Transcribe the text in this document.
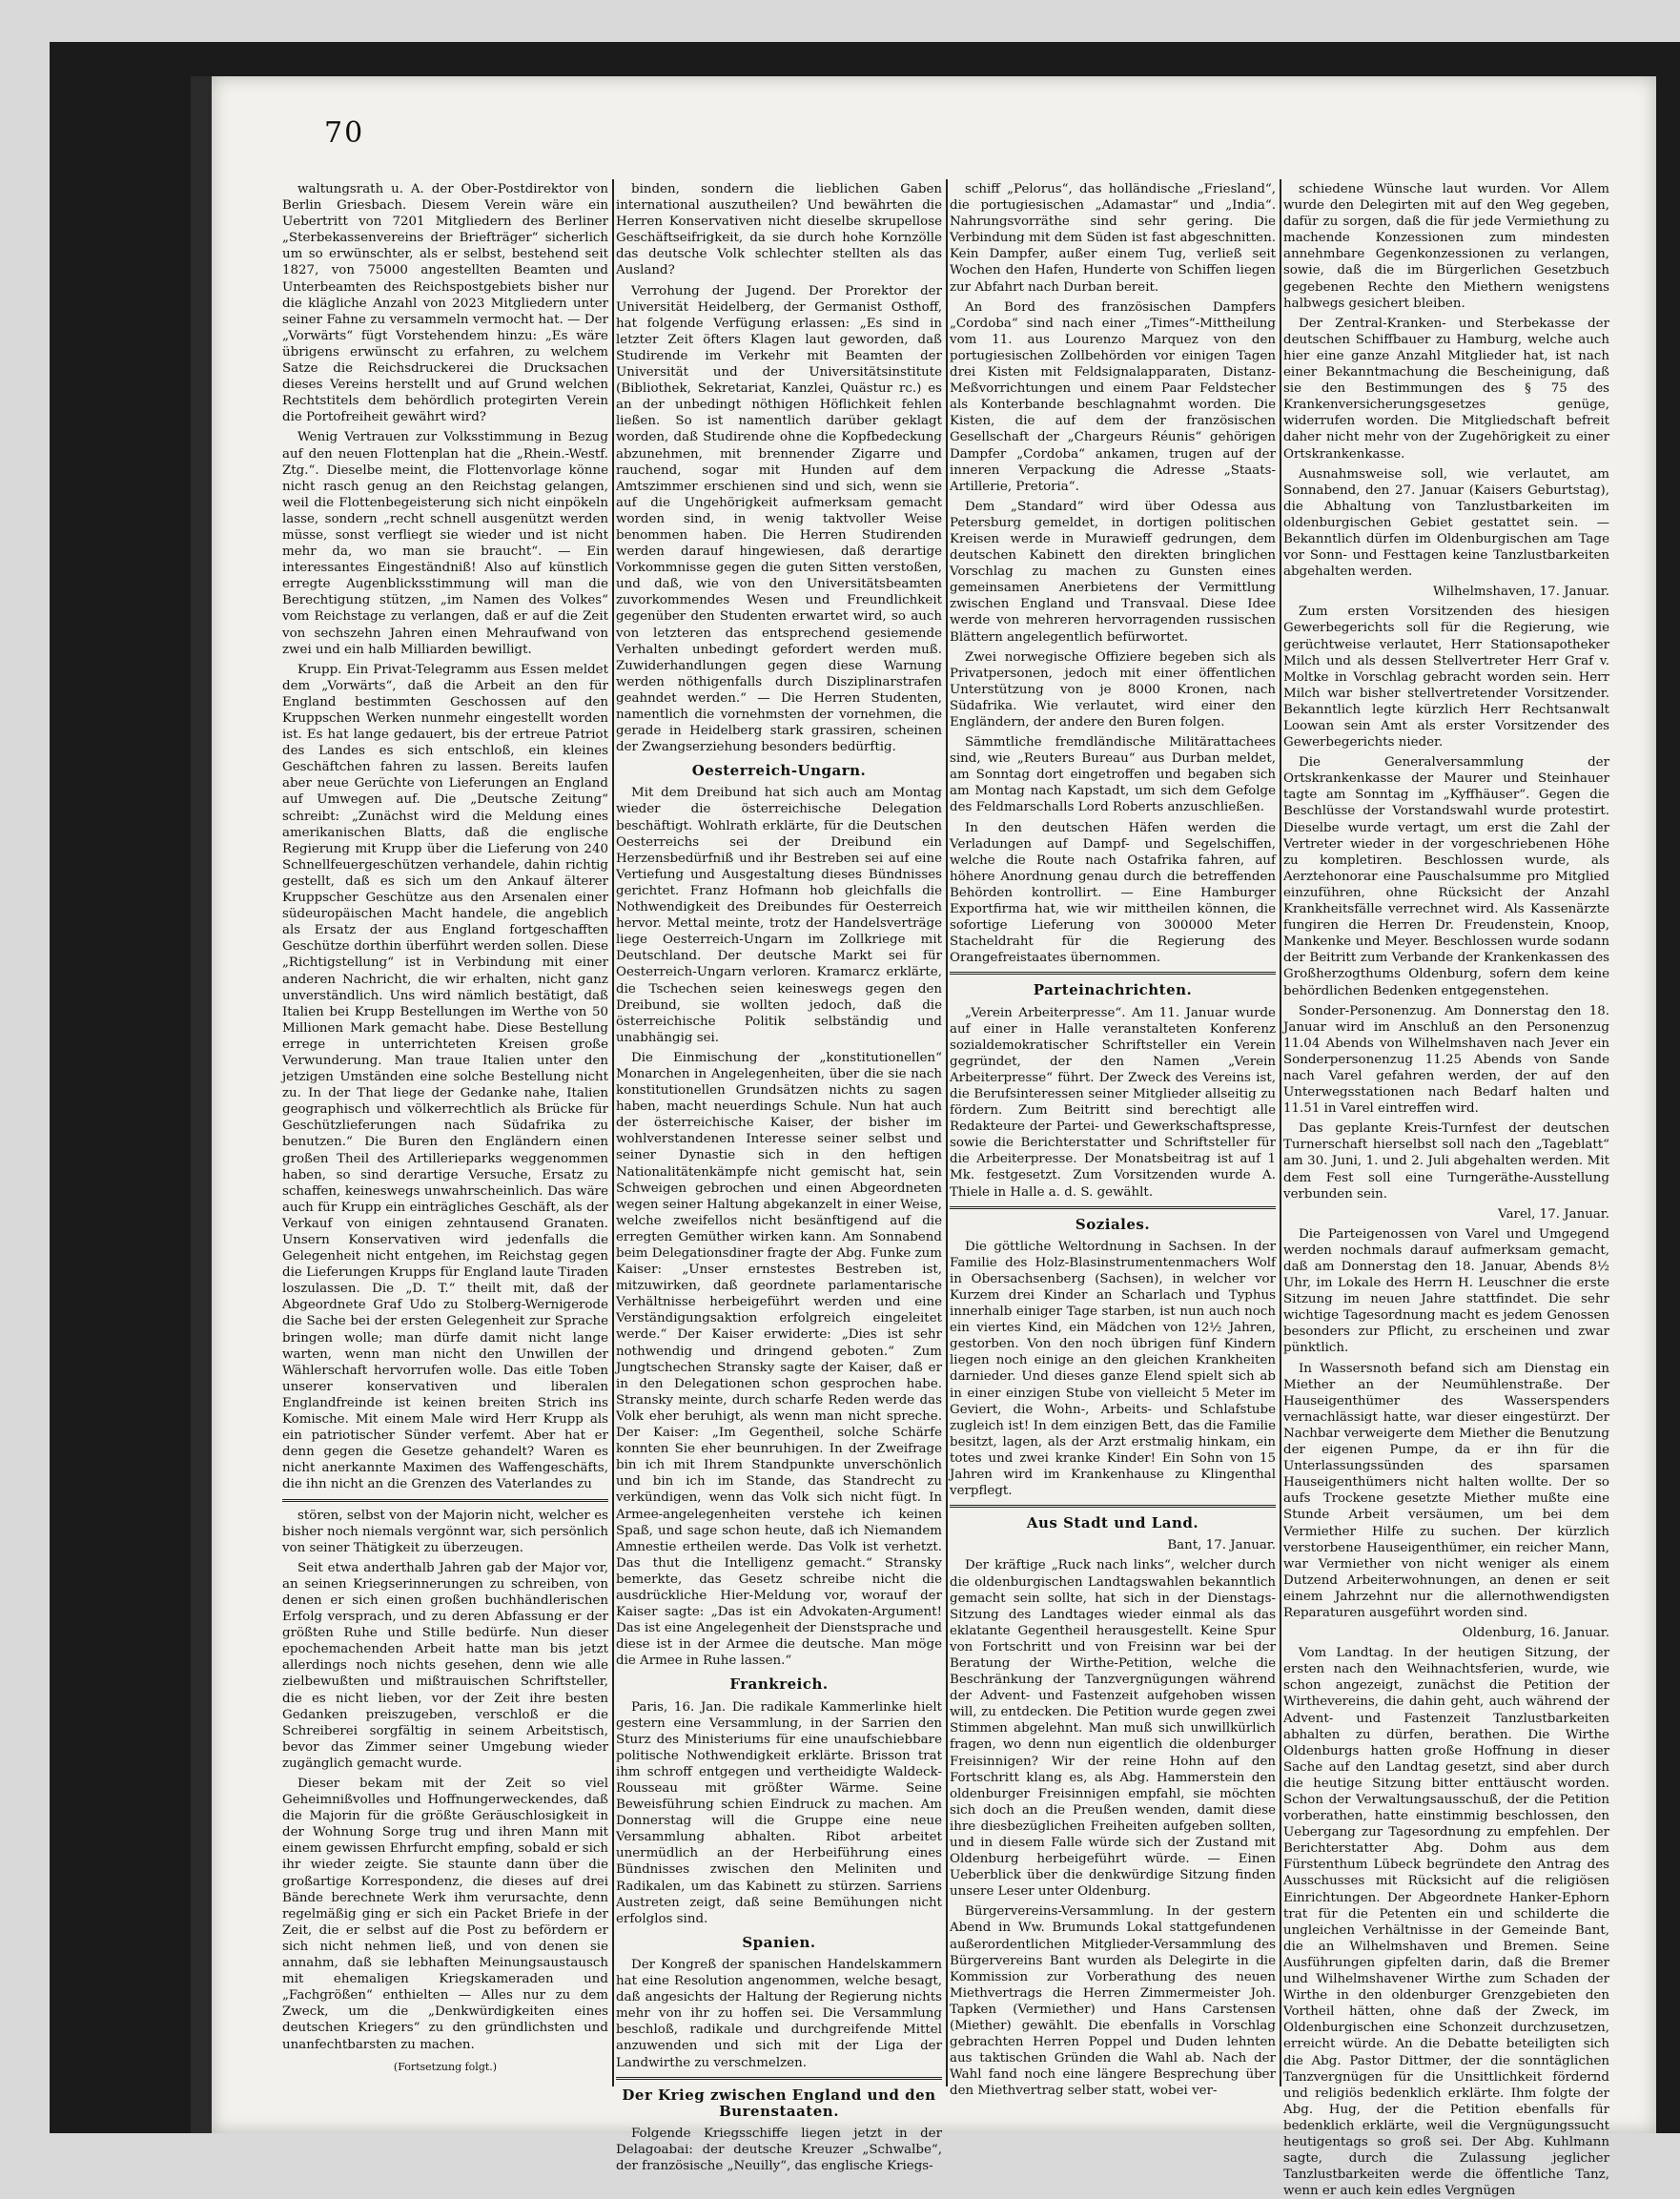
70

waltungsrath u. A. der Ober-Postdirektor von Berlin Griesbach. Diesem Verein wäre ein Uebertritt von 7201 Mitgliedern des Berliner „Sterbekassenvereins der Briefträger“ sicherlich um so erwünschter, als er selbst, bestehend seit 1827, von 75000 angestellten Beamten und Unterbeamten des Reichspostgebiets bisher nur die klägliche Anzahl von 2023 Mitgliedern unter seiner Fahne zu versammeln vermocht hat. — Der „Vorwärts“ fügt Vorstehendem hinzu: „Es wäre übrigens erwünscht zu erfahren, zu welchem Satze die Reichsdruckerei die Drucksachen dieses Vereins herstellt und auf Grund welchen Rechtstitels dem behördlich protegirten Verein die Portofreiheit gewährt wird?

Wenig Vertrauen zur Volksstimmung in Bezug auf den neuen Flottenplan hat die „Rhein.-Westf. Ztg.“. Dieselbe meint, die Flottenvorlage könne nicht rasch genug an den Reichstag gelangen, weil die Flottenbegeisterung sich nicht einpökeln lasse, sondern „recht schnell ausgenützt werden müsse, sonst verfliegt sie wieder und ist nicht mehr da, wo man sie braucht“. — Ein interessantes Eingeständniß! Also auf künstlich erregte Augenblicksstimmung will man die Berechtigung stützen, „im Namen des Volkes“ vom Reichstage zu verlangen, daß er auf die Zeit von sechszehn Jahren einen Mehraufwand von zwei und ein halb Milliarden bewilligt.

Krupp. Ein Privat-Telegramm aus Essen meldet dem „Vorwärts“, daß die Arbeit an den für England bestimmten Geschossen auf den Kruppschen Werken nunmehr eingestellt worden ist. Es hat lange gedauert, bis der ertreue Patriot des Landes es sich entschloß, ein kleines Geschäftchen fahren zu lassen. Bereits laufen aber neue Gerüchte von Lieferungen an England auf Umwegen auf. Die „Deutsche Zeitung“ schreibt: „Zunächst wird die Meldung eines amerikanischen Blatts, daß die englische Regierung mit Krupp über die Lieferung von 240 Schnellfeuergeschützen verhandele, dahin richtig gestellt, daß es sich um den Ankauf älterer Kruppscher Geschütze aus den Arsenalen einer südeuropäischen Macht handele, die angeblich als Ersatz der aus England fortgeschafften Geschütze dorthin überführt werden sollen. Diese „Richtigstellung“ ist in Verbindung mit einer anderen Nachricht, die wir erhalten, nicht ganz unverständlich. Uns wird nämlich bestätigt, daß Italien bei Krupp Bestellungen im Werthe von 50 Millionen Mark gemacht habe. Diese Bestellung errege in unterrichteten Kreisen große Verwunderung. Man traue Italien unter den jetzigen Umständen eine solche Bestellung nicht zu. In der That liege der Gedanke nahe, Italien geographisch und völkerrechtlich als Brücke für Geschützlieferungen nach Südafrika zu benutzen.“ Die Buren den Engländern einen großen Theil des Artillerieparks weggenommen haben, so sind derartige Versuche, Ersatz zu schaffen, keineswegs unwahrscheinlich. Das wäre auch für Krupp ein einträgliches Geschäft, als der Verkauf von einigen zehntausend Granaten. Unsern Konservativen wird jedenfalls die Gelegenheit nicht entgehen, im Reichstag gegen die Lieferungen Krupps für England laute Tiraden loszulassen. Die „D. T.“ theilt mit, daß der Abgeordnete Graf Udo zu Stolberg-Wernigerode die Sache bei der ersten Gelegenheit zur Sprache bringen wolle; man dürfe damit nicht lange warten, wenn man nicht den Unwillen der Wählerschaft hervorrufen wolle. Das eitle Toben unserer konservativen und liberalen Englandfreinde ist keinen breiten Strich ins Komische. Mit einem Male wird Herr Krupp als ein patriotischer Sünder verfemt. Aber hat er denn gegen die Gesetze gehandelt? Waren es nicht anerkannte Maximen des Waffengeschäfts, die ihn nicht an die Grenzen des Vaterlandes zu

stören, selbst von der Majorin nicht, welcher es bisher noch niemals vergönnt war, sich persönlich von seiner Thätigkeit zu überzeugen.

Seit etwa anderthalb Jahren gab der Major vor, an seinen Kriegserinnerungen zu schreiben, von denen er sich einen großen buchhändlerischen Erfolg versprach, und zu deren Abfassung er der größten Ruhe und Stille bedürfe. Nun dieser epochemachenden Arbeit hatte man bis jetzt allerdings noch nichts gesehen, denn wie alle zielbewußten und mißtrauischen Schriftsteller, die es nicht lieben, vor der Zeit ihre besten Gedanken preiszugeben, verschloß er die Schreiberei sorgfältig in seinem Arbeitstisch, bevor das Zimmer seiner Umgebung wieder zugänglich gemacht wurde.

Dieser bekam mit der Zeit so viel Geheimnißvolles und Hoffnungerweckendes, daß die Majorin für die größte Geräuschlosigkeit in der Wohnung Sorge trug und ihren Mann mit einem gewissen Ehrfurcht empfing, sobald er sich ihr wieder zeigte. Sie staunte dann über die großartige Korrespondenz, die dieses auf drei Bände berechnete Werk ihm verursachte, denn regelmäßig ging er sich ein Packet Briefe in der Zeit, die er selbst auf die Post zu befördern er sich nicht nehmen ließ, und von denen sie annahm, daß sie lebhaften Meinungsaustausch mit ehemaligen Kriegskameraden und „Fachgrößen“ enthielten — Alles nur zu dem Zweck, um die „Denkwürdigkeiten eines deutschen Kriegers“ zu den gründlichsten und unanfechtbarsten zu machen.

(Fortsetzung folgt.)

binden, sondern die lieblichen Gaben international auszutheilen? Und bewährten die Herren Konservativen nicht dieselbe skrupellose Geschäftseifrigkeit, da sie durch hohe Kornzölle das deutsche Volk schlechter stellten als das Ausland?

Verrohung der Jugend. Der Prorektor der Universität Heidelberg, der Germanist Osthoff, hat folgende Verfügung erlassen: „Es sind in letzter Zeit öfters Klagen laut geworden, daß Studirende im Verkehr mit Beamten der Universität und der Universitätsinstitute (Bibliothek, Sekretariat, Kanzlei, Quästur rc.) es an der unbedingt nöthigen Höflichkeit fehlen ließen. So ist namentlich darüber geklagt worden, daß Studirende ohne die Kopfbedeckung abzunehmen, mit brennender Zigarre und rauchend, sogar mit Hunden auf dem Amtszimmer erschienen sind und sich, wenn sie auf die Ungehörigkeit aufmerksam gemacht worden sind, in wenig taktvoller Weise benommen haben. Die Herren Studirenden werden darauf hingewiesen, daß derartige Vorkommnisse gegen die guten Sitten verstoßen, und daß, wie von den Universitätsbeamten zuvorkommendes Wesen und Freundlichkeit gegenüber den Studenten erwartet wird, so auch von letzteren das entsprechend gesiemende Verhalten unbedingt gefordert werden muß. Zuwiderhandlungen gegen diese Warnung werden nöthigenfalls durch Disziplinarstrafen geahndet werden.“ — Die Herren Studenten, namentlich die vornehmsten der vornehmen, die gerade in Heidelberg stark grassiren, scheinen der Zwangserziehung besonders bedürftig.

Oesterreich-Ungarn.

Mit dem Dreibund hat sich auch am Montag wieder die österreichische Delegation beschäftigt. Wohlrath erklärte, für die Deutschen Oesterreichs sei der Dreibund ein Herzensbedürfniß und ihr Bestreben sei auf eine Vertiefung und Ausgestaltung dieses Bündnisses gerichtet. Franz Hofmann hob gleichfalls die Nothwendigkeit des Dreibundes für Oesterreich hervor. Mettal meinte, trotz der Handelsverträge liege Oesterreich-Ungarn im Zollkriege mit Deutschland. Der deutsche Markt sei für Oesterreich-Ungarn verloren. Kramarcz erklärte, die Tschechen seien keineswegs gegen den Dreibund, sie wollten jedoch, daß die österreichische Politik selbständig und unabhängig sei.

Die Einmischung der „konstitutionellen“ Monarchen in Angelegenheiten, über die sie nach konstitutionellen Grundsätzen nichts zu sagen haben, macht neuerdings Schule. Nun hat auch der österreichische Kaiser, der bisher im wohlverstandenen Interesse seiner selbst und seiner Dynastie sich in den heftigen Nationalitätenkämpfe nicht gemischt hat, sein Schweigen gebrochen und einen Abgeordneten wegen seiner Haltung abgekanzelt in einer Weise, welche zweifellos nicht besänftigend auf die erregten Gemüther wirken kann. Am Sonnabend beim Delegationsdiner fragte der Abg. Funke zum Kaiser: „Unser ernstestes Bestreben ist, mitzuwirken, daß geordnete parlamentarische Verhältnisse herbeigeführt werden und eine Verständigungsaktion erfolgreich eingeleitet werde.“ Der Kaiser erwiderte: „Dies ist sehr nothwendig und dringend geboten.“ Zum Jungtschechen Stransky sagte der Kaiser, daß er in den Delegationen schon gesprochen habe. Stransky meinte, durch scharfe Reden werde das Volk eher beruhigt, als wenn man nicht spreche. Der Kaiser: „Im Gegentheil, solche Schärfe konnten Sie eher beunruhigen. In der Zweifrage bin ich mit Ihrem Standpunkte unverschönlich und bin ich im Stande, das Standrecht zu verkündigen, wenn das Volk sich nicht fügt. In Armee-angelegenheiten verstehe ich keinen Spaß, und sage schon heute, daß ich Niemandem Amnestie ertheilen werde. Das Volk ist verhetzt. Das thut die Intelligenz gemacht.“ Stransky bemerkte, das Gesetz schreibe nicht die ausdrückliche Hier-Meldung vor, worauf der Kaiser sagte: „Das ist ein Advokaten-Argument! Das ist eine Angelegenheit der Dienstsprache und diese ist in der Armee die deutsche. Man möge die Armee in Ruhe lassen.“

Frankreich.

Paris, 16. Jan. Die radikale Kammerlinke hielt gestern eine Versammlung, in der Sarrien den Sturz des Ministeriums für eine unaufschiebbare politische Nothwendigkeit erklärte. Brisson trat ihm schroff entgegen und vertheidigte Waldeck-Rousseau mit größter Wärme. Seine Beweisführung schien Eindruck zu machen. Am Donnerstag will die Gruppe eine neue Versammlung abhalten. Ribot arbeitet unermüdlich an der Herbeiführung eines Bündnisses zwischen den Meliniten und Radikalen, um das Kabinett zu stürzen. Sarriens Austreten zeigt, daß seine Bemühungen nicht erfolglos sind.

Spanien.

Der Kongreß der spanischen Handelskammern hat eine Resolution angenommen, welche besagt, daß angesichts der Haltung der Regierung nichts mehr von ihr zu hoffen sei. Die Versammlung beschloß, radikale und durchgreifende Mittel anzuwenden und sich mit der Liga der Landwirthe zu verschmelzen.

Der Krieg zwischen England und den Burenstaaten.

Folgende Kriegsschiffe liegen jetzt in der Delagoabai: der deutsche Kreuzer „Schwalbe“, der französische „Neuilly“, das englische Kriegs-

schiff „Pelorus“, das holländische „Friesland“, die portugiesischen „Adamastar“ und „India“. Nahrungsvorräthe sind sehr gering. Die Verbindung mit dem Süden ist fast abgeschnitten. Kein Dampfer, außer einem Tug, verließ seit Wochen den Hafen, Hunderte von Schiffen liegen zur Abfahrt nach Durban bereit.

An Bord des französischen Dampfers „Cordoba“ sind nach einer „Times“-Mittheilung vom 11. aus Lourenzo Marquez von den portugiesischen Zollbehörden vor einigen Tagen drei Kisten mit Feldsignalapparaten, Distanz-Meßvorrichtungen und einem Paar Feldstecher als Konterbande beschlagnahmt worden. Die Kisten, die auf dem der französischen Gesellschaft der „Chargeurs Réunis“ gehörigen Dampfer „Cordoba“ ankamen, trugen auf der inneren Verpackung die Adresse „Staats-Artillerie, Pretoria“.

Dem „Standard“ wird über Odessa aus Petersburg gemeldet, in dortigen politischen Kreisen werde in Murawieff gedrungen, dem deutschen Kabinett den direkten bringlichen Vorschlag zu machen zu Gunsten eines gemeinsamen Anerbietens der Vermittlung zwischen England und Transvaal. Diese Idee werde von mehreren hervorragenden russischen Blättern angelegentlich befürwortet.

Zwei norwegische Offiziere begeben sich als Privatpersonen, jedoch mit einer öffentlichen Unterstützung von je 8000 Kronen, nach Südafrika. Wie verlautet, wird einer den Engländern, der andere den Buren folgen.

Sämmtliche fremdländische Militärattachees sind, wie „Reuters Bureau“ aus Durban meldet, am Sonntag dort eingetroffen und begaben sich am Montag nach Kapstadt, um sich dem Gefolge des Feldmarschalls Lord Roberts anzuschließen.

In den deutschen Häfen werden die Verladungen auf Dampf- und Segelschiffen, welche die Route nach Ostafrika fahren, auf höhere Anordnung genau durch die betreffenden Behörden kontrollirt. — Eine Hamburger Exportfirma hat, wie wir mittheilen können, die sofortige Lieferung von 300000 Meter Stacheldraht für die Regierung des Orangefreistaates übernommen.

Parteinachrichten.

„Verein Arbeiterpresse“. Am 11. Januar wurde auf einer in Halle veranstalteten Konferenz sozialdemokratischer Schriftsteller ein Verein gegründet, der den Namen „Verein Arbeiterpresse“ führt. Der Zweck des Vereins ist, die Berufsinteressen seiner Mitglieder allseitig zu fördern. Zum Beitritt sind berechtigt alle Redakteure der Partei- und Gewerkschaftspresse, sowie die Berichterstatter und Schriftsteller für die Arbeiterpresse. Der Monatsbeitrag ist auf 1 Mk. festgesetzt. Zum Vorsitzenden wurde A. Thiele in Halle a. d. S. gewählt.

Soziales.

Die göttliche Weltordnung in Sachsen. In der Familie des Holz-Blasinstrumentenmachers Wolf in Obersachsenberg (Sachsen), in welcher vor Kurzem drei Kinder an Scharlach und Typhus innerhalb einiger Tage starben, ist nun auch noch ein viertes Kind, ein Mädchen von 12½ Jahren, gestorben. Von den noch übrigen fünf Kindern liegen noch einige an den gleichen Krankheiten darnieder. Und dieses ganze Elend spielt sich ab in einer einzigen Stube von vielleicht 5 Meter im Geviert, die Wohn-, Arbeits- und Schlafstube zugleich ist! In dem einzigen Bett, das die Familie besitzt, lagen, als der Arzt erstmalig hinkam, ein totes und zwei kranke Kinder! Ein Sohn von 15 Jahren wird im Krankenhause zu Klingenthal verpflegt.

Aus Stadt und Land.
Bant, 17. Januar.

Der kräftige „Ruck nach links“, welcher durch die oldenburgischen Landtagswahlen bekanntlich gemacht sein sollte, hat sich in der Dienstags-Sitzung des Landtages wieder einmal als das eklatante Gegentheil herausgestellt. Keine Spur von Fortschritt und von Freisinn war bei der Beratung der Wirthe-Petition, welche die Beschränkung der Tanzvergnügungen während der Advent- und Fastenzeit aufgehoben wissen will, zu entdecken. Die Petition wurde gegen zwei Stimmen abgelehnt. Man muß sich unwillkürlich fragen, wo denn nun eigentlich die oldenburger Freisinnigen? Wir der reine Hohn auf den Fortschritt klang es, als Abg. Hammerstein den oldenburger Freisinnigen empfahl, sie möchten sich doch an die Preußen wenden, damit diese ihre diesbezüglichen Freiheiten aufgeben sollten, und in diesem Falle würde sich der Zustand mit Oldenburg herbeigeführt würde. — Einen Ueberblick über die denkwürdige Sitzung finden unsere Leser unter Oldenburg.

Bürgervereins-Versammlung. In der gestern Abend in Ww. Brumunds Lokal stattgefundenen außerordentlichen Mitglieder-Versammlung des Bürgervereins Bant wurden als Delegirte in die Kommission zur Vorberathung des neuen Miethvertrags die Herren Zimmermeister Joh. Tapken (Vermiether) und Hans Carstensen (Miether) gewählt. Die ebenfalls in Vorschlag gebrachten Herren Poppel und Duden lehnten aus taktischen Gründen die Wahl ab. Nach der Wahl fand noch eine längere Besprechung über den Miethvertrag selber statt, wobei ver-

schiedene Wünsche laut wurden. Vor Allem wurde den Delegirten mit auf den Weg gegeben, dafür zu sorgen, daß die für jede Vermiethung zu machende Konzessionen zum mindesten annehmbare Gegenkonzessionen zu verlangen, sowie, daß die im Bürgerlichen Gesetzbuch gegebenen Rechte den Miethern wenigstens halbwegs gesichert bleiben.

Der Zentral-Kranken- und Sterbekasse der deutschen Schiffbauer zu Hamburg, welche auch hier eine ganze Anzahl Mitglieder hat, ist nach einer Bekanntmachung die Bescheinigung, daß sie den Bestimmungen des § 75 des Krankenversicherungsgesetzes genüge, widerrufen worden. Die Mitgliedschaft befreit daher nicht mehr von der Zugehörigkeit zu einer Ortskrankenkasse.

Ausnahmsweise soll, wie verlautet, am Sonnabend, den 27. Januar (Kaisers Geburtstag), die Abhaltung von Tanzlustbarkeiten im oldenburgischen Gebiet gestattet sein. — Bekanntlich dürfen im Oldenburgischen am Tage vor Sonn- und Festtagen keine Tanzlustbarkeiten abgehalten werden.

Wilhelmshaven, 17. Januar.

Zum ersten Vorsitzenden des hiesigen Gewerbegerichts soll für die Regierung, wie gerüchtweise verlautet, Herr Stationsapotheker Milch und als dessen Stellvertreter Herr Graf v. Moltke in Vorschlag gebracht worden sein. Herr Milch war bisher stellvertretender Vorsitzender. Bekanntlich legte kürzlich Herr Rechtsanwalt Loowan sein Amt als erster Vorsitzender des Gewerbegerichts nieder.

Die Generalversammlung der Ortskrankenkasse der Maurer und Steinhauer tagte am Sonntag im „Kyffhäuser“. Gegen die Beschlüsse der Vorstandswahl wurde protestirt. Dieselbe wurde vertagt, um erst die Zahl der Vertreter wieder in der vorgeschriebenen Höhe zu kompletiren. Beschlossen wurde, als Aerztehonorar eine Pauschalsumme pro Mitglied einzuführen, ohne Rücksicht der Anzahl Krankheitsfälle verrechnet wird. Als Kassenärzte fungiren die Herren Dr. Freudenstein, Knoop, Mankenke und Meyer. Beschlossen wurde sodann der Beitritt zum Verbande der Krankenkassen des Großherzogthums Oldenburg, sofern dem keine behördlichen Bedenken entgegenstehen.

Sonder-Personenzug. Am Donnerstag den 18. Januar wird im Anschluß an den Personenzug 11.04 Abends von Wilhelmshaven nach Jever ein Sonderpersonenzug 11.25 Abends von Sande nach Varel gefahren werden, der auf den Unterwegsstationen nach Bedarf halten und 11.51 in Varel eintreffen wird.

Das geplante Kreis-Turnfest der deutschen Turnerschaft hierselbst soll nach den „Tageblatt“ am 30. Juni, 1. und 2. Juli abgehalten werden. Mit dem Fest soll eine Turngeräthe-Ausstellung verbunden sein.

Varel, 17. Januar.

Die Parteigenossen von Varel und Umgegend werden nochmals darauf aufmerksam gemacht, daß am Donnerstag den 18. Januar, Abends 8½ Uhr, im Lokale des Herrn H. Leuschner die erste Sitzung im neuen Jahre stattfindet. Die sehr wichtige Tagesordnung macht es jedem Genossen besonders zur Pflicht, zu erscheinen und zwar pünktlich.

In Wassersnoth befand sich am Dienstag ein Miether an der Neumühlenstraße. Der Hauseigenthümer des Wasserspenders vernachlässigt hatte, war dieser eingestürzt. Der Nachbar verweigerte dem Miether die Benutzung der eigenen Pumpe, da er ihn für die Unterlassungssünden des sparsamen Hauseigenthümers nicht halten wollte. Der so aufs Trockene gesetzte Miether mußte eine Stunde Arbeit versäumen, um bei dem Vermiether Hilfe zu suchen. Der kürzlich verstorbene Hauseigenthümer, ein reicher Mann, war Vermiether von nicht weniger als einem Dutzend Arbeiterwohnungen, an denen er seit einem Jahrzehnt nur die allernothwendigsten Reparaturen ausgeführt worden sind.

Oldenburg, 16. Januar.

Vom Landtag. In der heutigen Sitzung, der ersten nach den Weihnachtsferien, wurde, wie schon angezeigt, zunächst die Petition der Wirthevereins, die dahin geht, auch während der Advent- und Fastenzeit Tanzlustbarkeiten abhalten zu dürfen, berathen. Die Wirthe Oldenburgs hatten große Hoffnung in dieser Sache auf den Landtag gesetzt, sind aber durch die heutige Sitzung bitter enttäuscht worden. Schon der Verwaltungsausschuß, der die Petition vorberathen, hatte einstimmig beschlossen, den Uebergang zur Tagesordnung zu empfehlen. Der Berichterstatter Abg. Dohm aus dem Fürstenthum Lübeck begründete den Antrag des Ausschusses mit Rücksicht auf die religiösen Einrichtungen. Der Abgeordnete Hanker-Ephorn trat für die Petenten ein und schilderte die ungleichen Verhältnisse in der Gemeinde Bant, die an Wilhelmshaven und Bremen. Seine Ausführungen gipfelten darin, daß die Bremer und Wilhelmshavener Wirthe zum Schaden der Wirthe in den oldenburger Grenzgebieten den Vortheil hätten, ohne daß der Zweck, im Oldenburgischen eine Schonzeit durchzusetzen, erreicht würde. An die Debatte beteiligten sich die Abg. Pastor Dittmer, der die sonntäglichen Tanzvergnügen für die Unsittlichkeit fördernd und religiös bedenklich erklärte. Ihm folgte der Abg. Hug, der die Petition ebenfalls für bedenklich erklärte, weil die Vergnügungssucht heutigentags so groß sei. Der Abg. Kuhlmann sagte, durch die Zulassung jeglicher Tanzlustbarkeiten werde die öffentliche Tanz, wenn er auch kein edles Vergnügen
